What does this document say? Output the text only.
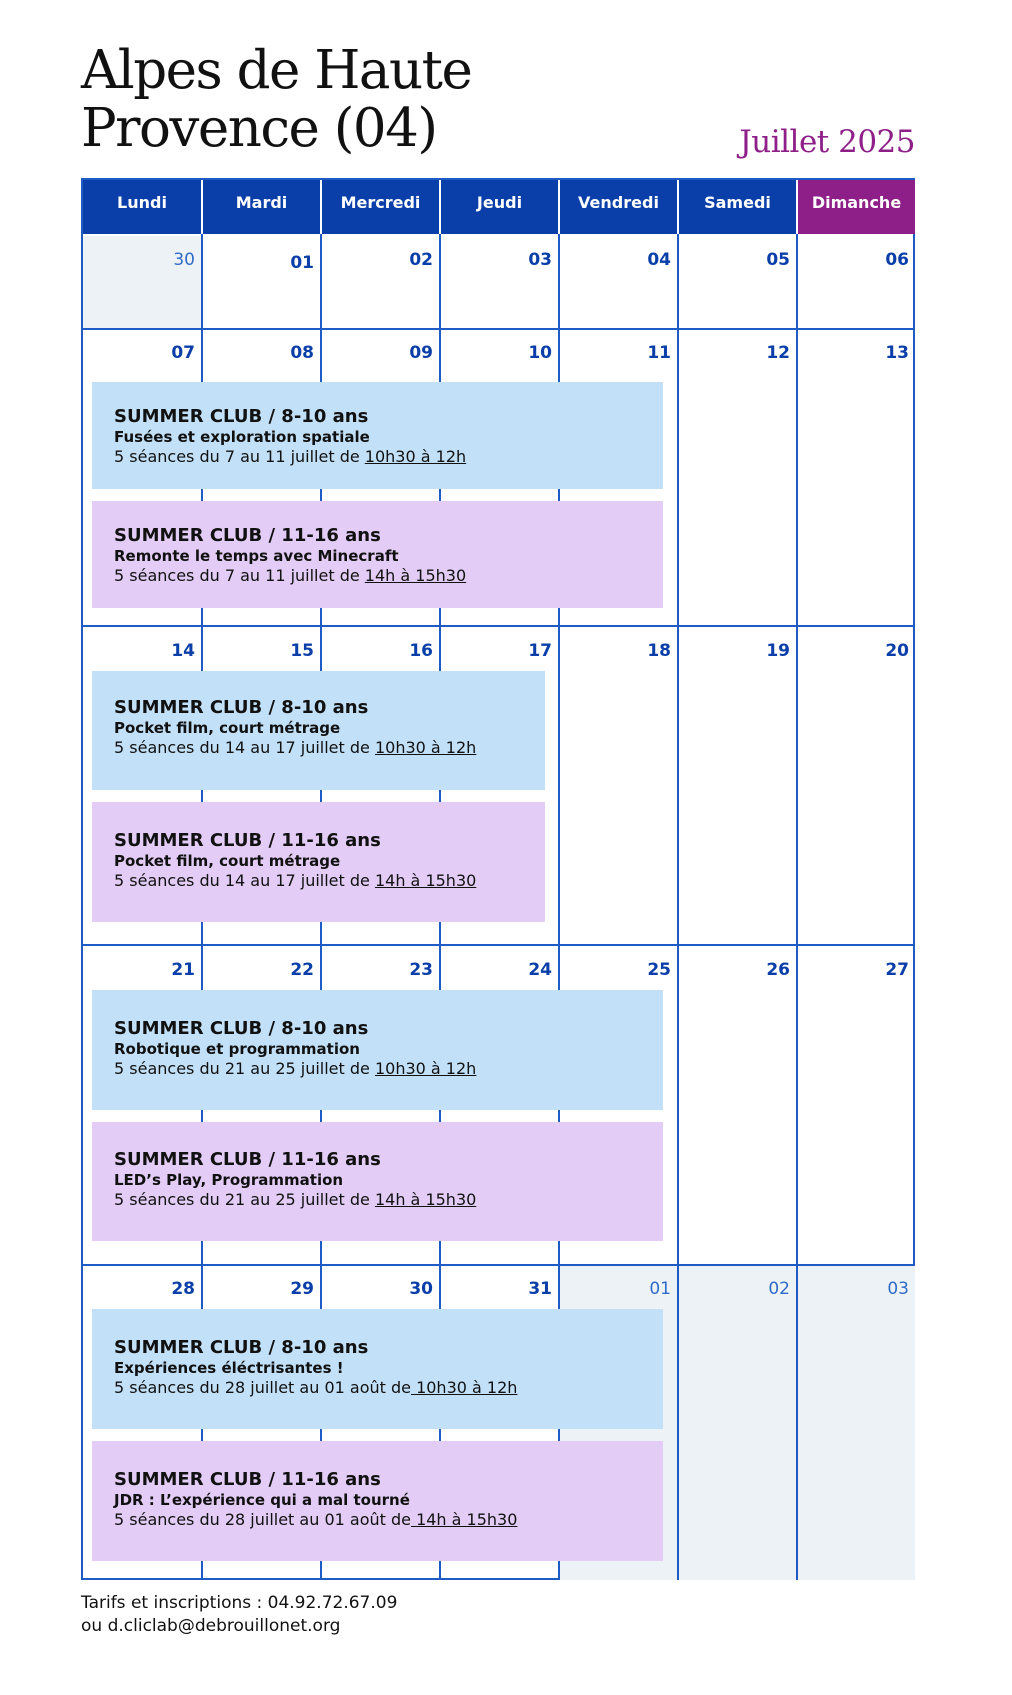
Alpes de Haute
Provence (04)	Juillet 2025
Lundi	Mardi	Mercredi	Jeudi	Vendredi	Samedi	Dimanche
30	01	02	03	04	05	06
07	08	09	10	11	12	13
14	15	16	17	18	19	20
21	22	23	24	25	26	27
28	29	30	31	01	02	03
SUMMER CLUB / 8-10 ans
Fusées et exploration spatiale
5 séances du 7 au 11 juillet de 10h30 à 12h
SUMMER CLUB / 11-16 ans
Remonte le temps avec Minecraft
5 séances du 7 au 11 juillet de 14h à 15h30
SUMMER CLUB / 8-10 ans
Pocket film, court métrage
5 séances du 14 au 17 juillet de 10h30 à 12h
SUMMER CLUB / 11-16 ans
Pocket film, court métrage
5 séances du 14 au 17 juillet de 14h à 15h30
SUMMER CLUB / 8-10 ans
Robotique et programmation
5 séances du 21 au 25 juillet de 10h30 à 12h
SUMMER CLUB / 11-16 ans
LED’s Play, Programmation
5 séances du 21 au 25 juillet de 14h à 15h30
SUMMER CLUB / 8-10 ans
Expériences éléctrisantes !
5 séances du 28 juillet au 01 août de 10h30 à 12h
SUMMER CLUB / 11-16 ans
JDR : L’expérience qui a mal tourné
5 séances du 28 juillet au 01 août de 14h à 15h30
Tarifs et inscriptions : 04.92.72.67.09
ou d.cliclab@debrouillonet.org
